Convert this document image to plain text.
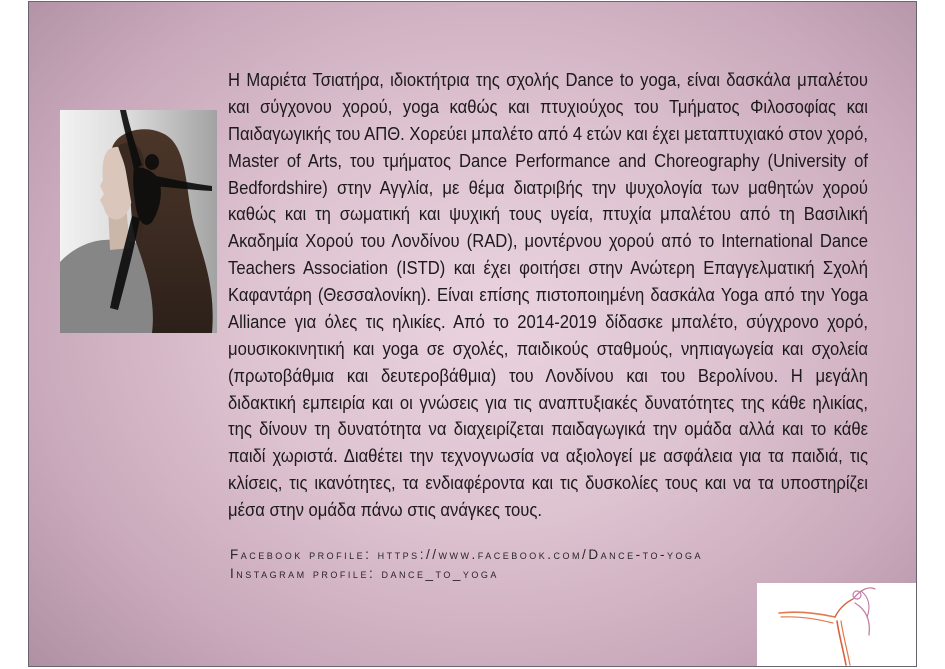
Η Μαριέτα Τσιατήρα, ιδιοκτήτρια της σχολής Dance to yoga, είναι δασκάλα μπαλέτου
και σύγχονου χορού, yoga καθώς και πτυχιούχος του Τμήματος Φιλοσοφίας και
Παιδαγωγικής του ΑΠΘ. Χορεύει μπαλέτο από 4 ετών και έχει μεταπτυχιακό στον χορό,
Master of Arts, του τμήματος Dance Performance and Choreography (University of
Bedfordshire) στην Αγγλία, με θέμα διατριβής την ψυχολογία των μαθητών χορού
καθώς και τη σωματική και ψυχική τους υγεία, πτυχία μπαλέτου από τη Βασιλική
Ακαδημία Χορού του Λονδίνου (RAD), μοντέρνου χορού από το International Dance
Teachers Association (ISTD) και έχει φοιτήσει στην Ανώτερη Επαγγελματική Σχολή
Καφαντάρη (Θεσσαλονίκη). Είναι επίσης πιστοποιημένη δασκάλα Yoga από την Yoga
Alliance για όλες τις ηλικίες. Από το 2014-2019 δίδασκε μπαλέτο, σύγχρονο χορό,
μουσικοκινητική και yoga σε σχολές, παιδικούς σταθμούς, νηπιαγωγεία και σχολεία
(πρωτοβάθμια και δευτεροβάθμια) του Λονδίνου και του Βερολίνου. Η μεγάλη
διδακτική εμπειρία και οι γνώσεις για τις αναπτυξιακές δυνατότητες της κάθε ηλικίας,
της δίνουν τη δυνατότητα να διαχειρίζεται παιδαγωγικά την ομάδα αλλά και το κάθε
παιδί χωριστά. Διαθέτει την τεχνογνωσία να αξιολογεί με ασφάλεια για τα παιδιά, τις
κλίσεις, τις ικανότητες, τα ενδιαφέροντα και τις δυσκολίες τους και να τα υποστηρίζει
μέσα στην ομάδα πάνω στις ανάγκες τους.
Facebook profile: https://www.facebook.com/Dance-to-yoga
Instagram profile: dance_to_yoga
